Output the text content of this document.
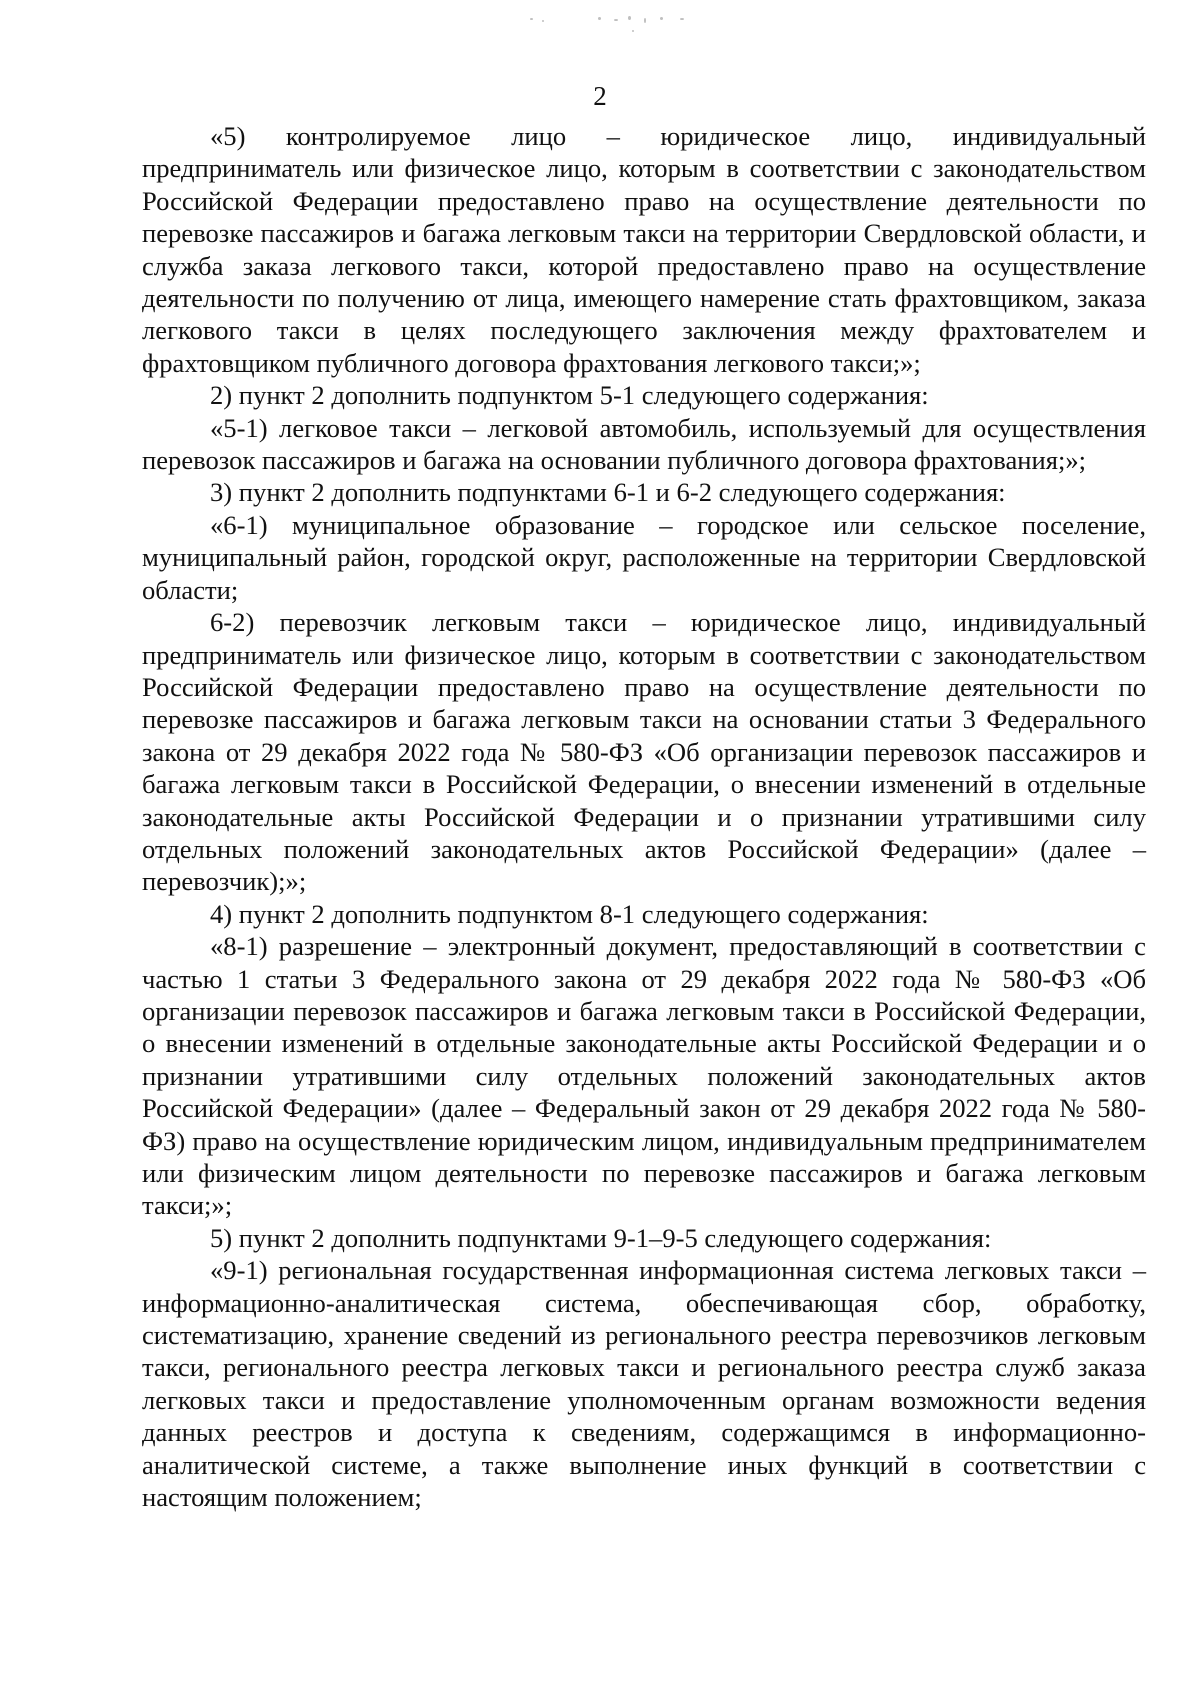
2

«5) контролируемое лицо – юридическое лицо, индивидуальный предприниматель или физическое лицо, которым в соответствии с законодательством Российской Федерации предоставлено право на осуществление деятельности по перевозке пассажиров и багажа легковым такси на территории Свердловской области, и служба заказа легкового такси, которой предоставлено право на осуществление деятельности по получению от лица, имеющего намерение стать фрахтовщиком, заказа легкового такси в целях последующего заключения между фрахтователем и фрахтовщиком публичного договора фрахтования легкового такси;»;

2) пункт 2 дополнить подпунктом 5-1 следующего содержания:

«5-1) легковое такси – легковой автомобиль, используемый для осуществления перевозок пассажиров и багажа на основании публичного договора фрахтования;»;

3) пункт 2 дополнить подпунктами 6-1 и 6-2 следующего содержания:

«6-1) муниципальное образование – городское или сельское поселение, муниципальный район, городской округ, расположенные на территории Свердловской области;

6-2) перевозчик легковым такси – юридическое лицо, индивидуальный предприниматель или физическое лицо, которым в соответствии с законодательством Российской Федерации предоставлено право на осуществление деятельности по перевозке пассажиров и багажа легковым такси на основании статьи 3 Федерального закона от 29 декабря 2022 года № 580-ФЗ «Об организации перевозок пассажиров и багажа легковым такси в Российской Федерации, о внесении изменений в отдельные законодательные акты Российской Федерации и о признании утратившими силу отдельных положений законодательных актов Российской Федерации» (далее – перевозчик);»;

4) пункт 2 дополнить подпунктом 8-1 следующего содержания:

«8-1) разрешение – электронный документ, предоставляющий в соответствии с частью 1 статьи 3 Федерального закона от 29 декабря 2022 года № 580-ФЗ «Об организации перевозок пассажиров и багажа легковым такси в Российской Федерации, о внесении изменений в отдельные законодательные акты Российской Федерации и о признании утратившими силу отдельных положений законодательных актов Российской Федерации» (далее – Федеральный закон от 29 декабря 2022 года № 580-ФЗ) право на осуществление юридическим лицом, индивидуальным предпринимателем или физическим лицом деятельности по перевозке пассажиров и багажа легковым такси;»;

5) пункт 2 дополнить подпунктами 9-1–9-5 следующего содержания:

«9-1) региональная государственная информационная система легковых такси – информационно-аналитическая система, обеспечивающая сбор, обработку, систематизацию, хранение сведений из регионального реестра перевозчиков легковым такси, регионального реестра легковых такси и регионального реестра служб заказа легковых такси и предоставление уполномоченным органам возможности ведения данных реестров и доступа к сведениям, содержащимся в информационно-аналитической системе, а также выполнение иных функций в соответствии с настоящим положением;
